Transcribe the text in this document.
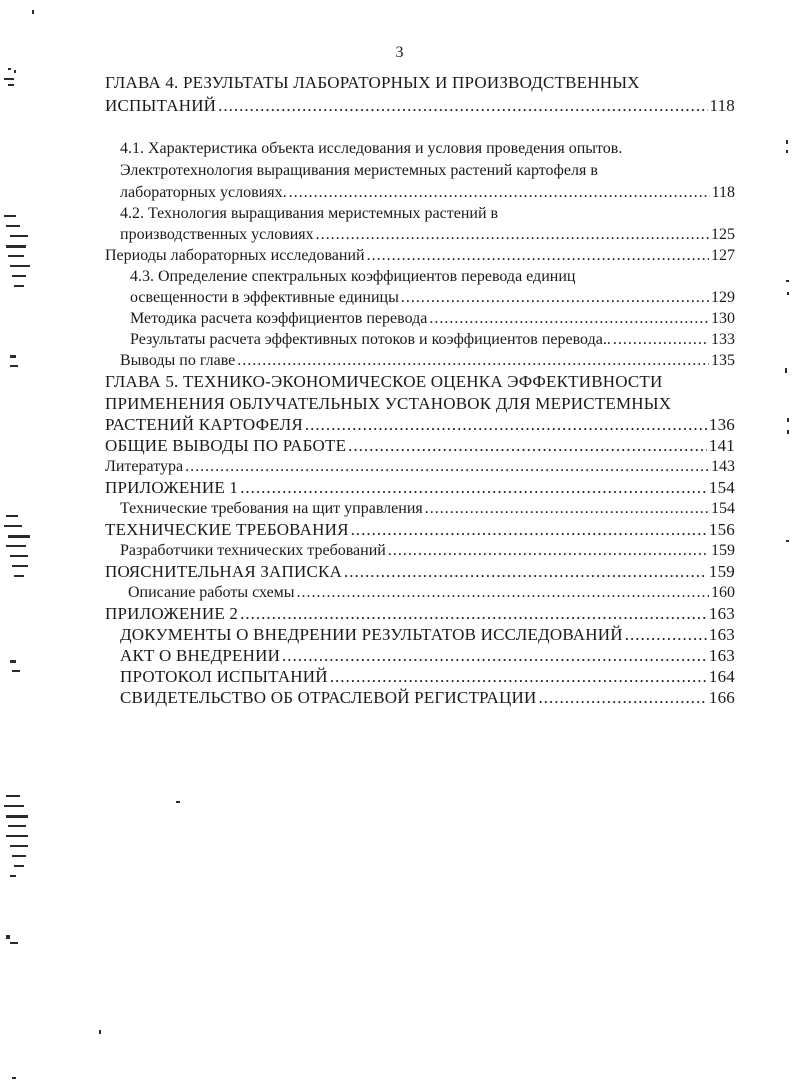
3
ГЛАВА 4. РЕЗУЛЬТАТЫ ЛАБОРАТОРНЫХ И ПРОИЗВОДСТВЕННЫХ
ИСПЫТАНИЙ .....	118
4.1. Характеристика объекта исследования и условия проведения опытов.
Электротехнология выращивания меристемных растений картофеля в
лабораторных условиях. .....	118
4.2. Технология выращивания меристемных растений в
производственных условиях .....	125
Периоды лабораторных исследований .....	127
4.3. Определение спектральных коэффициентов перевода единиц
освещенности в эффективные единицы .....	129
Методика расчета коэффициентов перевода .....	130
Результаты расчета эффективных потоков и коэффициентов перевода.. .....	133
Выводы по главе .....	135
ГЛАВА 5. ТЕХНИКО-ЭКОНОМИЧЕСКОЕ ОЦЕНКА ЭФФЕКТИВНОСТИ
ПРИМЕНЕНИЯ ОБЛУЧАТЕЛЬНЫХ УСТАНОВОК ДЛЯ МЕРИСТЕМНЫХ
РАСТЕНИЙ КАРТОФЕЛЯ .....	136
ОБЩИЕ ВЫВОДЫ ПО РАБОТЕ .....	141
Литература .....	143
ПРИЛОЖЕНИЕ 1 .....	154
Технические требования на щит управления .....	154
ТЕХНИЧЕСКИЕ ТРЕБОВАНИЯ .....	156
Разработчики технических требований .....	159
ПОЯСНИТЕЛЬНАЯ ЗАПИСКА .....	159
Описание работы схемы .....	160
ПРИЛОЖЕНИЕ 2 .....	163
ДОКУМЕНТЫ О ВНЕДРЕНИИ РЕЗУЛЬТАТОВ ИССЛЕДОВАНИЙ .....	163
АКТ О ВНЕДРЕНИИ .....	163
ПРОТОКОЛ ИСПЫТАНИЙ .....	164
СВИДЕТЕЛЬСТВО ОБ ОТРАСЛЕВОЙ РЕГИСТРАЦИИ .....	166
